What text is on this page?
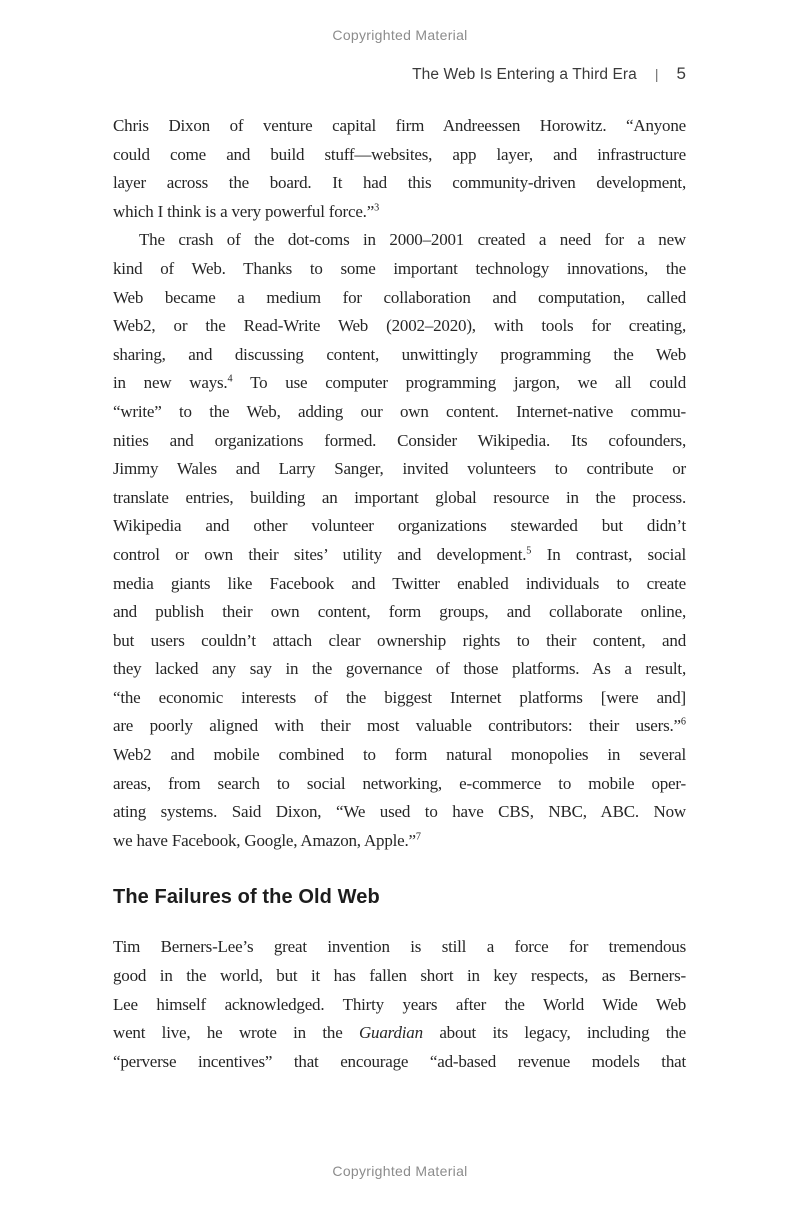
Copyrighted Material
The Web Is Entering a Third Era | 5
Chris Dixon of venture capital firm Andreessen Horowitz. “Anyone
could come and build stuff—websites, app layer, and infrastructure
layer across the board. It had this community-driven development,
which I think is a very powerful force.”$^3$
The crash of the dot-coms in 2000–2001 created a need for a new
kind of Web. Thanks to some important technology innovations, the
Web became a medium for collaboration and computation, called
Web2, or the Read-Write Web (2002–2020), with tools for creating,
sharing, and discussing content, unwittingly programming the Web
in new ways.$^4$ To use computer programming jargon, we all could
“write” to the Web, adding our own content. Internet-native commu-
nities and organizations formed. Consider Wikipedia. Its cofounders,
Jimmy Wales and Larry Sanger, invited volunteers to contribute or
translate entries, building an important global resource in the process.
Wikipedia and other volunteer organizations stewarded but didn’t
control or own their sites’ utility and development.$^5$ In contrast, social
media giants like Facebook and Twitter enabled individuals to create
and publish their own content, form groups, and collaborate online,
but users couldn’t attach clear ownership rights to their content, and
they lacked any say in the governance of those platforms. As a result,
“the economic interests of the biggest Internet platforms [were and]
are poorly aligned with their most valuable contributors: their users.”$^6$
Web2 and mobile combined to form natural monopolies in several
areas, from search to social networking, e-commerce to mobile oper-
ating systems. Said Dixon, “We used to have CBS, NBC, ABC. Now
we have Facebook, Google, Amazon, Apple.”$^7$
The Failures of the Old Web
Tim Berners-Lee’s great invention is still a force for tremendous
good in the world, but it has fallen short in key respects, as Berners-
Lee himself acknowledged. Thirty years after the World Wide Web
went live, he wrote in the Guardian about its legacy, including the
“perverse incentives” that encourage “ad-based revenue models that
Copyrighted Material
